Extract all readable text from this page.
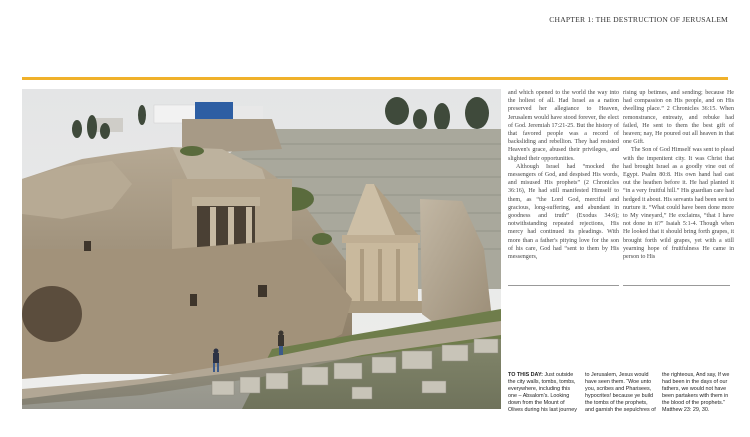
CHAPTER 1: THE DESTRUCTION OF JERUSALEM

and which opened to the world the way into the holiest of all. Had Israel as a nation preserved her allegiance to Heaven, Jerusalem would have stood forever, the elect of God. Jeremiah 17:21-25. But the history of that favored people was a record of backsliding and rebellion. They had resisted Heaven's grace, abused their privileges, and slighted their opportunities.

Although Israel had “mocked the messengers of God, and despised His words, and misused His prophets” (2 Chronicles 36:16), He had still manifested Himself to them, as “the Lord God, merciful and gracious, long-suffering, and abundant in goodness and truth” (Exodus 34:6); notwithstanding repeated rejections, His mercy had continued its pleadings. With more than a father's pitying love for the son of his care, God had “sent to them by His messengers,

rising up betimes, and sending; because He had compassion on His people, and on His dwelling place.” 2 Chronicles 36:15. When remonstrance, entreaty, and rebuke had failed, He sent to them the best gift of heaven; nay, He poured out all heaven in that one Gift.

The Son of God Himself was sent to plead with the impenitent city. It was Christ that had brought Israel as a goodly vine out of Egypt. Psalm 80:8. His own hand had cast out the heathen before it. He had planted it “in a very fruitful hill.” His guardian care had hedged it about. His servants had been sent to nurture it. “What could have been done more to My vineyard,” He exclaims, “that I have not done in it?” Isaiah 5:1-4. Though when He looked that it should bring forth grapes, it brought forth wild grapes, yet with a still yearning hope of fruitfulness He came in person to His

TO THIS DAY: Just outside the city walls, tombs, tombs, everywhere, including this one – Absalom's. Looking down from the Mount of Olives during his last journey
to Jerusalem, Jesus would have seen them. “Woe unto you, scribes and Pharisees, hypocrites! because ye build the tombs of the prophets, and garnish the sepulchres of
the righteous, And say, If we had been in the days of our fathers, we would not have been partakers with them in the blood of the prophets.” Matthew 23: 29, 30.
